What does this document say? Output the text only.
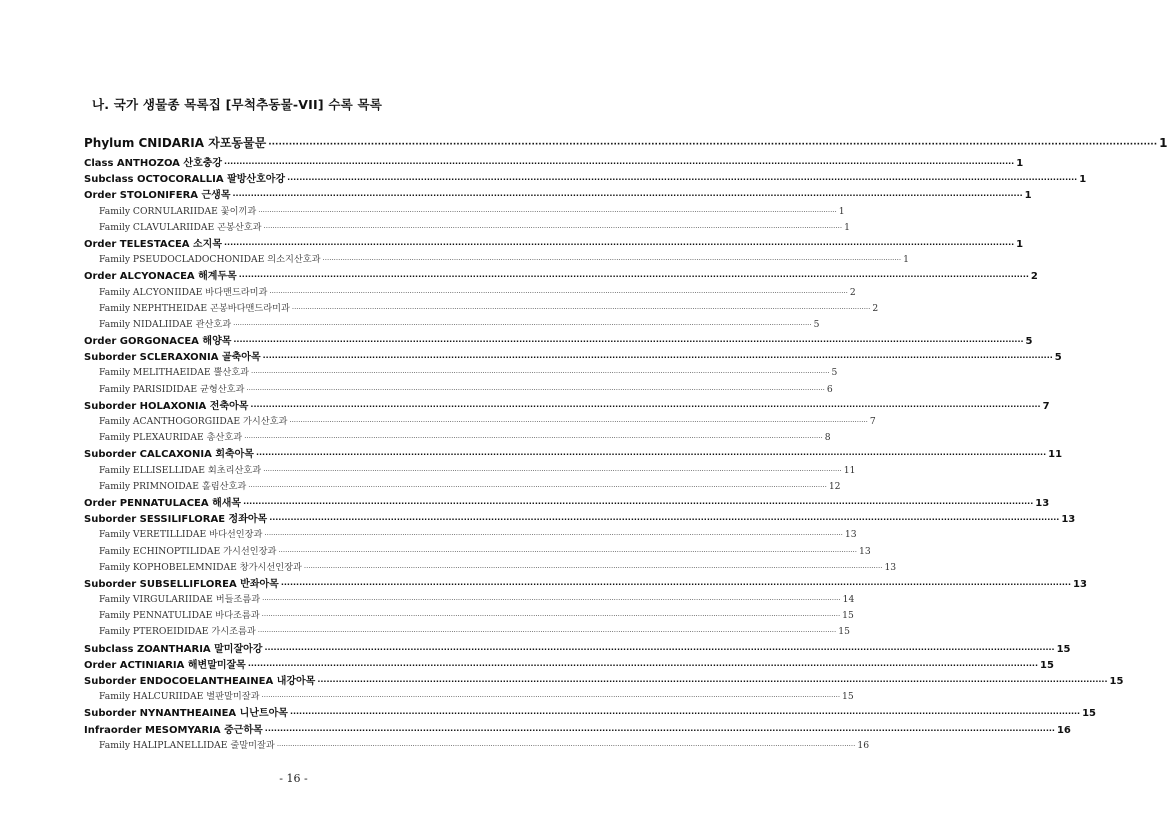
나. 국가 생물종 목록집 [무척추동물-VII] 수록 목록
Phylum CNIDARIA 자포동물문 ···································································································································································································································································· 1
Class ANTHOZOA 산호충강 ···································································································································································································································································· 1
Subclass OCTOCORALLIA 팔방산호아강 ···································································································································································································································································· 1
Order STOLONIFERA 근생목 ···································································································································································································································································· 1
Family CORNULARIIDAE 꽃이끼과 ···································································································································································································································································· 1
Family CLAVULARIIDAE 곤봉산호과 ···································································································································································································································································· 1
Order TELESTACEA 소지목 ···································································································································································································································································· 1
Family PSEUDOCLADOCHONIDAE 의소지산호과 ···································································································································································································································································· 1
Order ALCYONACEA 해계두목 ···································································································································································································································································· 2
Family ALCYONIIDAE 바다맨드라미과 ···································································································································································································································································· 2
Family NEPHTHEIDAE 곤봉바다맨드라미과 ···································································································································································································································································· 2
Family NIDALIIDAE 관산호과 ···································································································································································································································································· 5
Order GORGONACEA 해양목 ···································································································································································································································································· 5
Suborder SCLERAXONIA 골축아목 ···································································································································································································································································· 5
Family MELITHAEIDAE 뿔산호과 ···································································································································································································································································· 5
Family PARISIDIDAE 균형산호과 ···································································································································································································································································· 6
Suborder HOLAXONIA 전축아목 ···································································································································································································································································· 7
Family ACANTHOGORGIIDAE 가시산호과 ···································································································································································································································································· 7
Family PLEXAURIDAE 총산호과 ···································································································································································································································································· 8
Suborder CALCAXONIA 회축아목 ···································································································································································································································································· 11
Family ELLISELLIDAE 회초리산호과 ···································································································································································································································································· 11
Family PRIMNOIDAE 홀림산호과 ···································································································································································································································································· 12
Order PENNATULACEA 해새목 ···································································································································································································································································· 13
Suborder SESSILIFLORAE 정좌아목 ···································································································································································································································································· 13
Family VERETILLIDAE 바다선인장과 ···································································································································································································································································· 13
Family ECHINOPTILIDAE 가시선인장과 ···································································································································································································································································· 13
Family KOPHOBELEMNIDAE 창가시선인장과 ···································································································································································································································································· 13
Suborder SUBSELLIFLOREA 반좌아목 ···································································································································································································································································· 13
Family VIRGULARIIDAE 버들조름과 ···································································································································································································································································· 14
Family PENNATULIDAE 바다조름과 ···································································································································································································································································· 15
Family PTEROEIDIDAE 가시조름과 ···································································································································································································································································· 15
Subclass ZOANTHARIA 말미잘아강 ···································································································································································································································································· 15
Order ACTINIARIA 해변말미잘목 ···································································································································································································································································· 15
Suborder ENDOCOELANTHEAINEA 내강아목 ···································································································································································································································································· 15
Family HALCURIIDAE 별판말미잘과 ···································································································································································································································································· 15
Suborder NYNANTHEAINEA 니난트아목 ···································································································································································································································································· 15
Infraorder MESOMYARIA 중근하목 ···································································································································································································································································· 16
Family HALIPLANELLIDAE 줄말미잘과 ···································································································································································································································································· 16
- 16 -
